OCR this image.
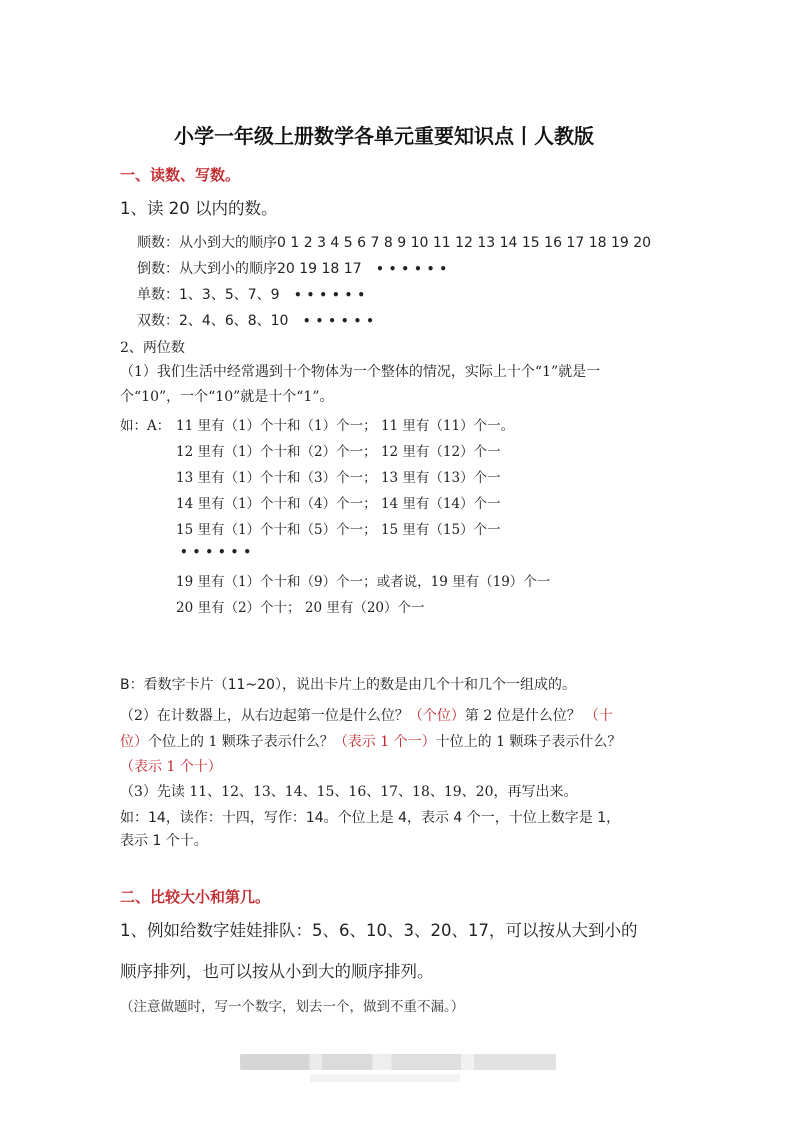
小学一年级上册数学各单元重要知识点丨人教版
一、读数、写数。
1、读 20 以内的数。
顺数：从小到大的顺序0 1 2 3 4 5 6 7 8 9 10 11 12 13 14 15 16 17 18 19 20
倒数：从大到小的顺序20 19 18 17 ••••••
单数：1、3、5、7、9 ••••••
双数：2、4、6、8、10 ••••••
2、两位数
（1）我们生活中经常遇到十个物体为一个整体的情况，实际上十个“1”就是一
个“10”，一个“10”就是十个“1”。
如：A： 11 里有（1）个十和（1）个一； 11 里有（11）个一。
12 里有（1）个十和（2）个一； 12 里有（12）个一
13 里有（1）个十和（3）个一； 13 里有（13）个一
14 里有（1）个十和（4）个一； 14 里有（14）个一
15 里有（1）个十和（5）个一； 15 里有（15）个一
••••••
19 里有（1）个十和（9）个一；或者说，19 里有（19）个一
20 里有（2）个十； 20 里有（20）个一
B：看数字卡片（11~20），说出卡片上的数是由几个十和几个一组成的。
（2）在计数器上，从右边起第一位是什么位？（个位）第 2 位是什么位？ （十
位）个位上的 1 颗珠子表示什么？（表示 1 个一）十位上的 1 颗珠子表示什么？
（表示 1 个十）
（3）先读 11、12、13、14、15、16、17、18、19、20，再写出来。
如：14，读作：十四，写作：14。个位上是 4，表示 4 个一，十位上数字是 1，
表示 1 个十。
二、比较大小和第几。
1、例如给数字娃娃排队：5、6、10、3、20、17，可以按从大到小的
顺序排列，也可以按从小到大的顺序排列。
（注意做题时，写一个数字，划去一个，做到不重不漏。）
